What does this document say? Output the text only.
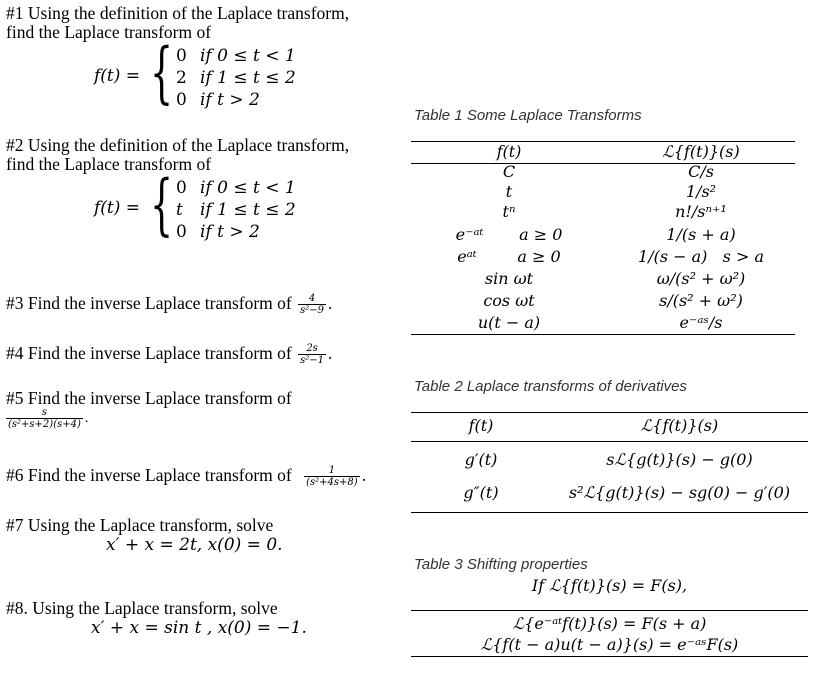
#1 Using the definition of the Laplace transform,
find the Laplace transform of
f(t) = { 0 if 0 ≤ t < 1
2 if 1 ≤ t ≤ 2
0 if t > 2
#2 Using the definition of the Laplace transform,
find the Laplace transform of
f(t) = { 0 if 0 ≤ t < 1
t if 1 ≤ t ≤ 2
0 if t > 2
#3 Find the inverse Laplace transform of $\frac{4}{\text{s²−9}}$ .
#4 Find the inverse Laplace transform of $\frac{2s}{\text{s²−1}}$ .
#5 Find the inverse Laplace transform of
$\frac{s}{\text{(s²+s+2)(s+4)}}$ .
#6 Find the inverse Laplace transform of $\frac{1}{\text{(s²+4s+8)}}$ .
#7 Using the Laplace transform, solve
x′ + x = 2t, x(0) = 0.
#8. Using the Laplace transform, solve
x′ + x = sin t , x(0) = −1.
Table 1 Some Laplace Transforms
f(t)	ℒ{f(t)}(s)
C	C/s
t	1/s²
tⁿ	n!/sⁿ⁺¹
e⁻ᵃᵗ       a ≥ 0	1/(s + a)
eᵃᵗ        a ≥ 0	1/(s − a)   s > a
sin ωt	ω/(s² + ω²)
cos ωt	s/(s² + ω²)
u(t − a)	e⁻ᵃˢ/s
Table 2 Laplace transforms of derivatives
f(t)	ℒ{f(t)}(s)
g′(t)	sℒ{g(t)}(s) − g(0)
g″(t)	s²ℒ{g(t)}(s) − sg(0) − g′(0)
Table 3 Shifting properties
If ℒ{f(t)}(s) = F(s),
ℒ{e⁻ᵃᵗf(t)}(s) = F(s + a)
ℒ{f(t − a)u(t − a)}(s) = e⁻ᵃˢF(s)
